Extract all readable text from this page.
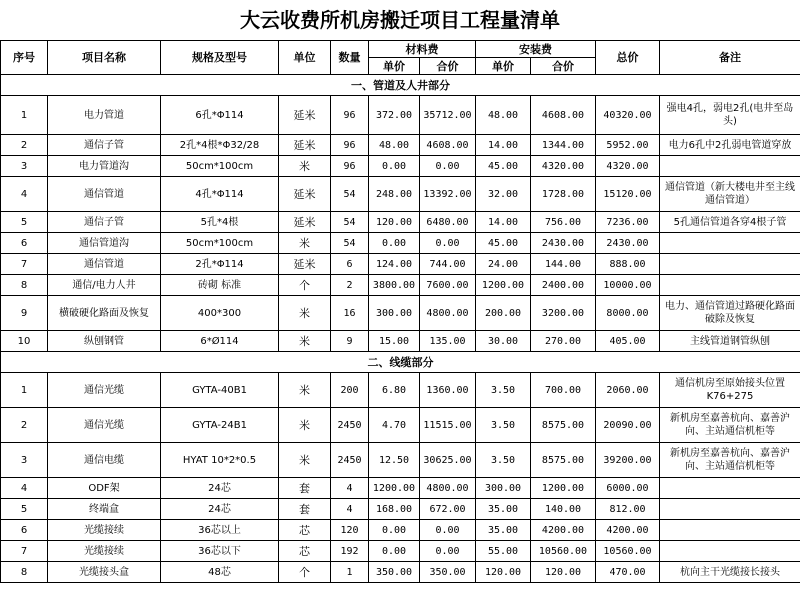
大云收费所机房搬迁项目工程量清单
序号	项目名称	规格及型号	单位	数量	材料费		安装费		总价	备注
					单价	合价	单价	合价		
一、管道及人井部分										
1	电力管道	6孔*Φ114	延米	96	372.00	35712.00	48.00	4608.00	40320.00	强电4孔，弱电2孔(电井至岛头)
2	通信子管	2孔*4根*Φ32/28	延米	96	48.00	4608.00	14.00	1344.00	5952.00	电力6孔中2孔弱电管道穿放
3	电力管道沟	50cm*100cm	米	96	0.00	0.00	45.00	4320.00	4320.00	
4	通信管道	4孔*Φ114	延米	54	248.00	13392.00	32.00	1728.00	15120.00	通信管道（新大楼电井至主线通信管道）
5	通信子管	5孔*4根	延米	54	120.00	6480.00	14.00	756.00	7236.00	5孔通信管道各穿4根子管
6	通信管道沟	50cm*100cm	米	54	0.00	0.00	45.00	2430.00	2430.00	
7	通信管道	2孔*Φ114	延米	6	124.00	744.00	24.00	144.00	888.00	
8	通信/电力人井	砖砌 标准	个	2	3800.00	7600.00	1200.00	2400.00	10000.00	
9	横破硬化路面及恢复	400*300	米	16	300.00	4800.00	200.00	3200.00	8000.00	电力、通信管道过路硬化路面破除及恢复
10	纵刨钢管	6*Ø114	米	9	15.00	135.00	30.00	270.00	405.00	主线管道钢管纵刨
二、线缆部分										
1	通信光缆	GYTA-40B1	米	200	6.80	1360.00	3.50	700.00	2060.00	通信机房至原始接头位置K76+275
2	通信光缆	GYTA-24B1	米	2450	4.70	11515.00	3.50	8575.00	20090.00	新机房至嘉善杭向、嘉善沪向、主站通信机柜等
3	通信电缆	HYAT 10*2*0.5	米	2450	12.50	30625.00	3.50	8575.00	39200.00	新机房至嘉善杭向、嘉善沪向、主站通信机柜等
4	ODF架	24芯	套	4	1200.00	4800.00	300.00	1200.00	6000.00	
5	终端盒	24芯	套	4	168.00	672.00	35.00	140.00	812.00	
6	光缆接续	36芯以上	芯	120	0.00	0.00	35.00	4200.00	4200.00	
7	光缆接续	36芯以下	芯	192	0.00	0.00	55.00	10560.00	10560.00	
8	光缆接头盒	48芯	个	1	350.00	350.00	120.00	120.00	470.00	杭向主干光缆接长接头
